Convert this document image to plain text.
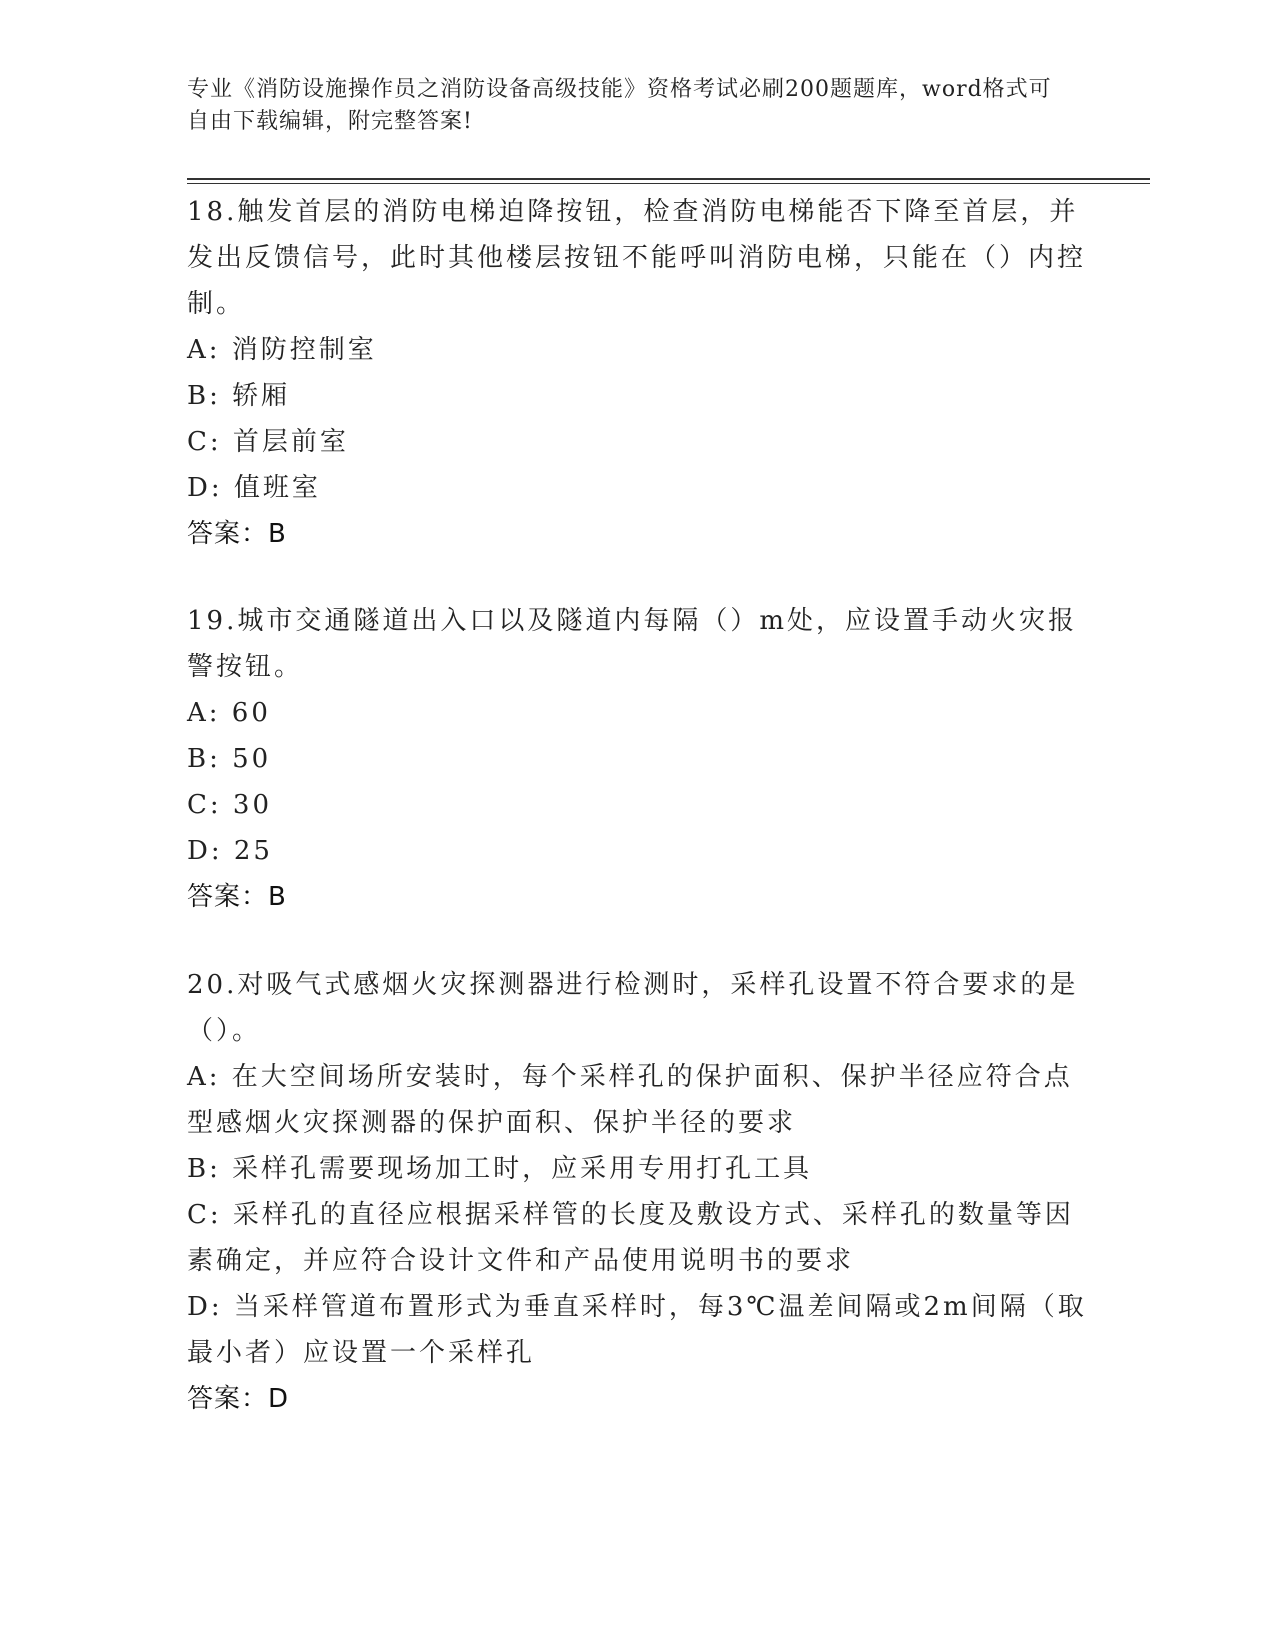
专业《消防设施操作员之消防设备高级技能》资格考试必刷200题题库，word格式可自由下载编辑，附完整答案!

18.触发首层的消防电梯迫降按钮，检查消防电梯能否下降至首层，并发出反馈信号，此时其他楼层按钮不能呼叫消防电梯，只能在（）内控制。

A: 消防控制室

B: 轿厢

C: 首层前室

D: 值班室

答案：B

19.城市交通隧道出入口以及隧道内每隔（）m处，应设置手动火灾报警按钮。

A: 60

B: 50

C: 30

D: 25

答案：B

20.对吸气式感烟火灾探测器进行检测时，采样孔设置不符合要求的是（）。

A: 在大空间场所安装时，每个采样孔的保护面积、保护半径应符合点型感烟火灾探测器的保护面积、保护半径的要求

B: 采样孔需要现场加工时，应采用专用打孔工具

C: 采样孔的直径应根据采样管的长度及敷设方式、采样孔的数量等因素确定，并应符合设计文件和产品使用说明书的要求

D: 当采样管道布置形式为垂直采样时，每3℃温差间隔或2m间隔（取最小者）应设置一个采样孔

答案：D
